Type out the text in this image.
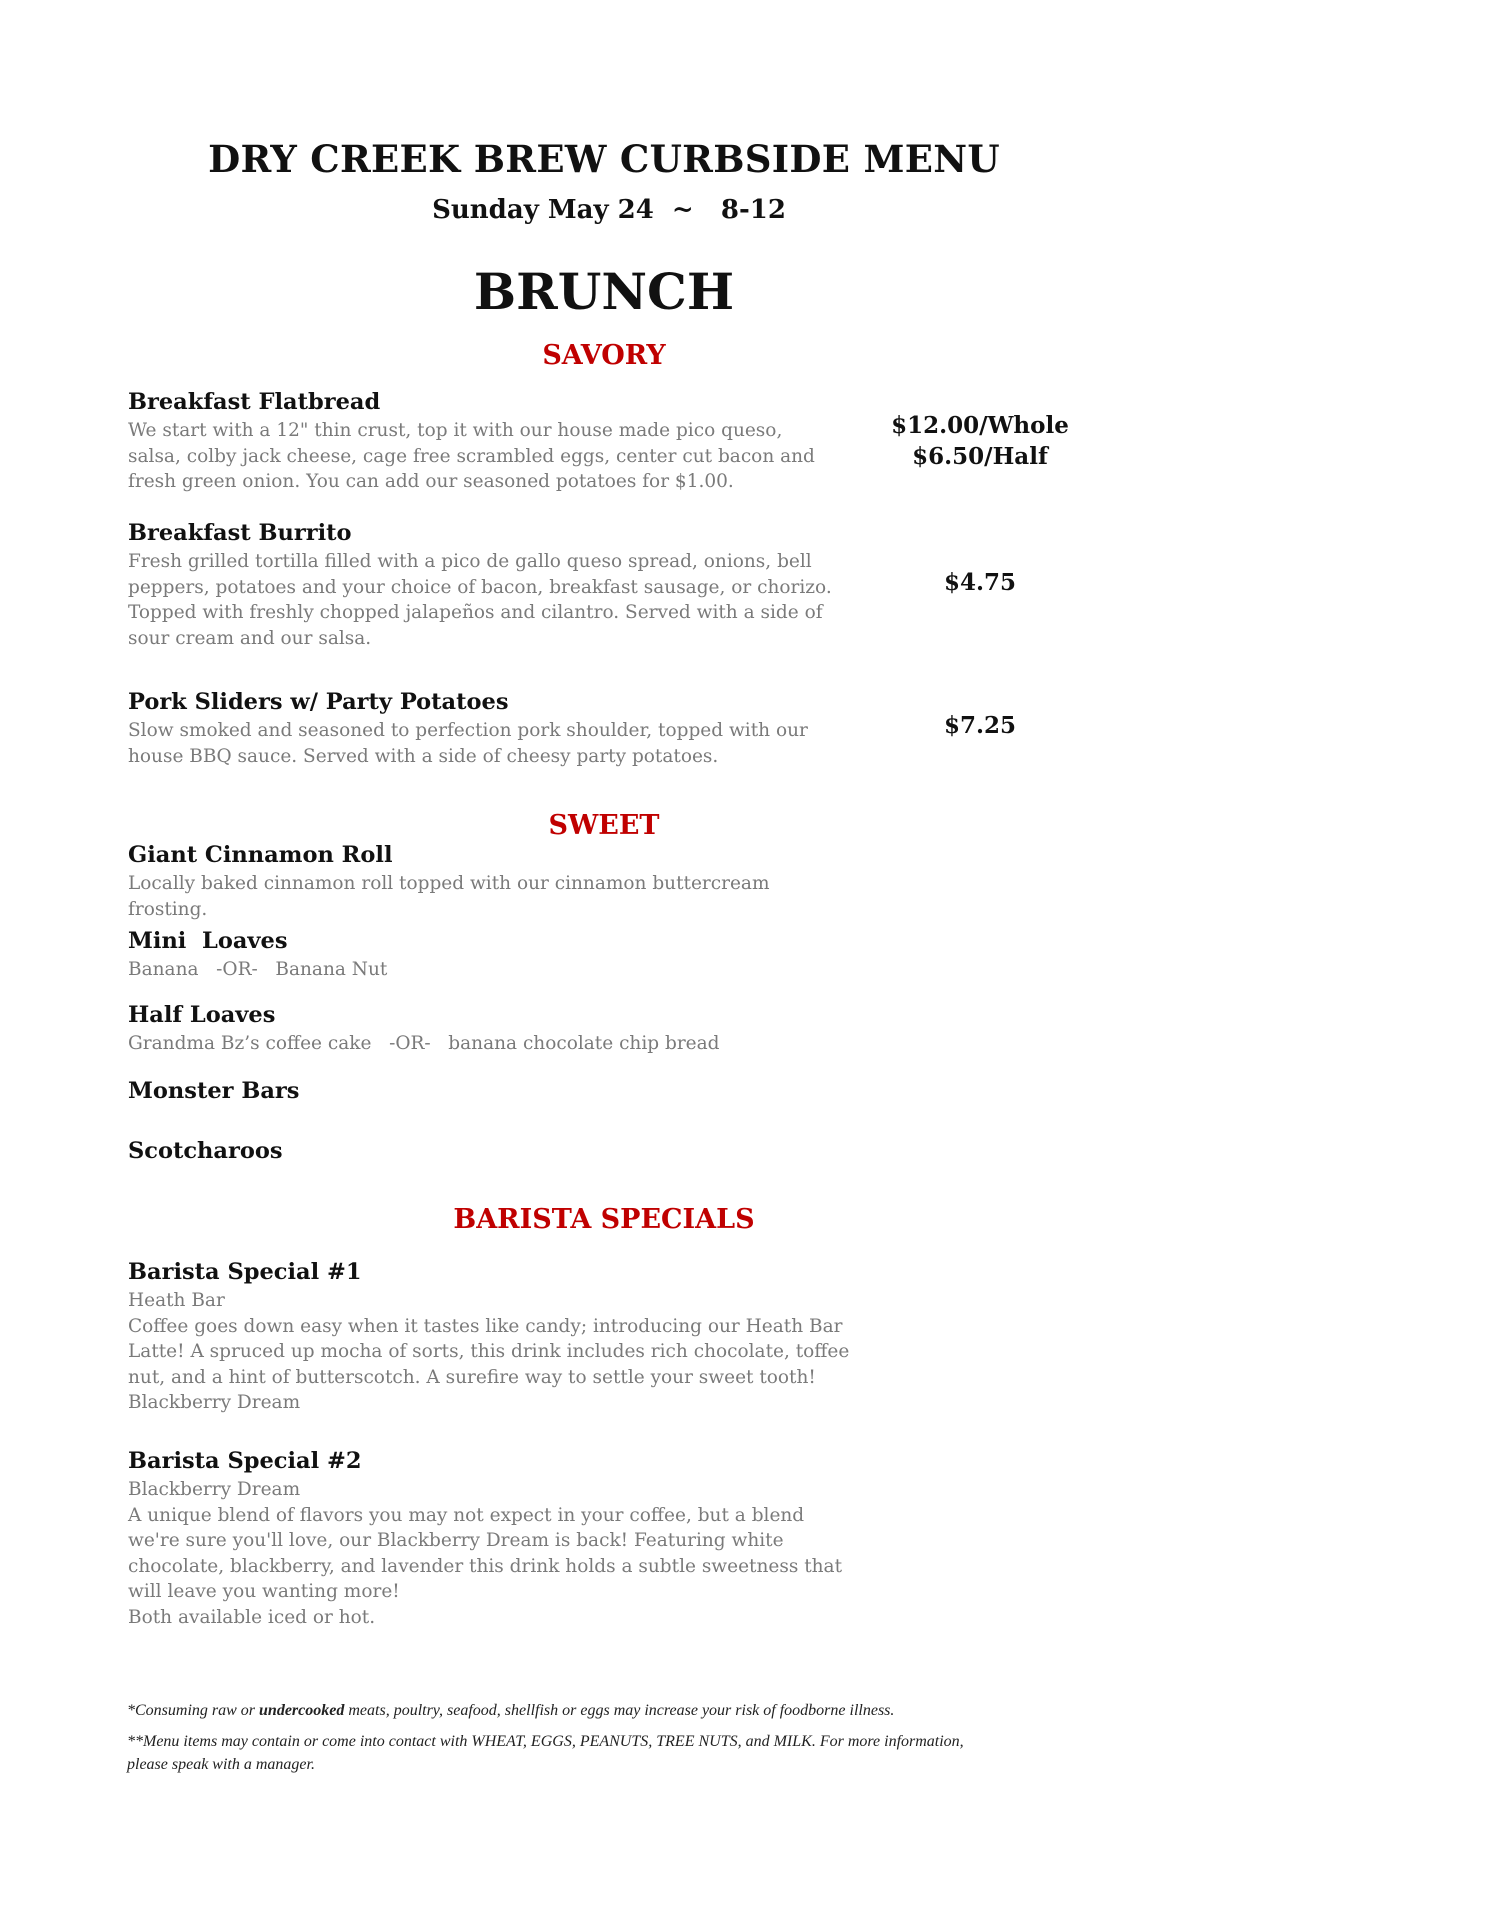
DRY CREEK BREW CURBSIDE MENU
Sunday May 24  ~   8-12
BRUNCH
SAVORY
Breakfast Flatbread
We start with a 12" thin crust, top it with our house made pico queso,
salsa, colby jack cheese, cage free scrambled eggs, center cut bacon and
fresh green onion. You can add our seasoned potatoes for $1.00.
$12.00/Whole
$6.50/Half
Breakfast Burrito
Fresh grilled tortilla filled with a pico de gallo queso spread, onions, bell
peppers, potatoes and your choice of bacon, breakfast sausage, or chorizo.
Topped with freshly chopped jalapeños and cilantro. Served with a side of
sour cream and our salsa.
$4.75
Pork Sliders w/ Party Potatoes
Slow smoked and seasoned to perfection pork shoulder, topped with our
house BBQ sauce. Served with a side of cheesy party potatoes.
$7.25
SWEET
Giant Cinnamon Roll
Locally baked cinnamon roll topped with our cinnamon buttercream
frosting.
Mini  Loaves
Banana   -OR-   Banana Nut
Half Loaves
Grandma Bz’s coffee cake   -OR-   banana chocolate chip bread
Monster Bars
Scotcharoos
BARISTA SPECIALS
Barista Special #1
Heath Bar
Coffee goes down easy when it tastes like candy; introducing our Heath Bar
Latte! A spruced up mocha of sorts, this drink includes rich chocolate, toffee
nut, and a hint of butterscotch. A surefire way to settle your sweet tooth!
Blackberry Dream
Barista Special #2
Blackberry Dream
A unique blend of flavors you may not expect in your coffee, but a blend
we're sure you'll love, our Blackberry Dream is back! Featuring white
chocolate, blackberry, and lavender this drink holds a subtle sweetness that
will leave you wanting more!
Both available iced or hot.
*Consuming raw or undercooked meats, poultry, seafood, shellfish or eggs may increase your risk of foodborne illness.
**Menu items may contain or come into contact with WHEAT, EGGS, PEANUTS, TREE NUTS, and MILK. For more information,
please speak with a manager.
